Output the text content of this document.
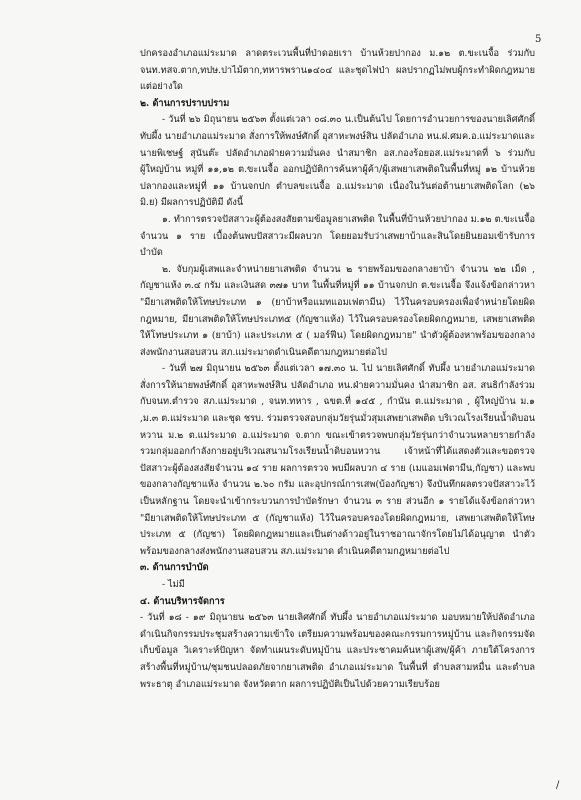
5

ปกครองอำเภอแม่ระมาด ลาดตระเวนพื้นที่ป่าดอยเรา บ้านห้วยปากอง ม.๑๒ ต.ขะเนจื้อ ร่วมกับจนท.ทสจ.ตาก,ทปษ.ปาไม้ตาก,ทหารพราน๑๔๐๔ และชุดไฟป่า ผลปรากฏไม่พบผู้กระทำผิดกฎหมายแต่อย่างใด

๒. ด้านการปราบปราม

- วันที่ ๒๖ มิถุนายน ๒๕๖๓ ตั้งแต่เวลา ๐๘.๓๐ น.เป็นต้นไป โดยการอำนวยการของนายเลิศศักดิ์ ทับผึ้ง นายอำเภอแม่ระมาด สั่งการให้พงษ์ศักดิ์ อุสาหะพงษ์สิน ปลัดอำเภอ หน.ฝ.ศมค.อ.แม่ระมาดและนายพิเชษฐ์ สุนันต๊ะ ปลัดอำเภอฝ่ายความมั่นคง นำสมาชิก อส.กองร้อยอส.แม่ระมาดที่ ๖ ร่วมกับผู้ใหญ่บ้าน หมู่ที่ ๑๑,๑๒ ต.ขะเนจื้อ ออกปฏิบัติการค้นหาผู้ค้า/ผู้เสพยาเสพติดในพื้นที่หมู่ ๑๒ บ้านห้วยปลากองและหมู่ที่ ๑๑ บ้านจกปก ตำบลขะเนจื้อ อ.แม่ระมาด เนื่องในวันต่อต้านยาเสพติดโลก (๒๖ มิ.ย) มีผลการปฏิบัติมี ดังนี้

๑. ทำการตรวจปัสสาวะผู้ต้องสงสัยตามข้อมูลยาเสพติด ในพื้นที่บ้านห้วยปากอง ม.๑๒ ต.ขะเนจื้อ จำนวน ๑ ราย เบื้องต้นพบปัสสาวะมีผลบวก โดยยอมรับว่าเสพยาบ้าและสินโดยยินยอมเข้ารับการบำบัด

๒. จับกุมผู้เสพและจำหน่ายยาเสพติด จำนวน ๒ รายพร้อมของกลางยาบ้า จำนวน ๒๒ เม็ด , กัญชาแห้ง ๓.๔ กรัม และเงินสด ๓๗๑ บาท ในพื้นที่หมู่ที่ ๑๑ บ้านจกปก ต.ขะเนจื้อ จึงแจ้งข้อกล่าวหา "มียาเสพติดให้โทษประเภท ๑ (ยาบ้าหรือแมทแอมเฟตามีน) ไว้ในครอบครองเพื่อจำหน่ายโดยผิดกฎหมาย, มียาเสพติดให้โทษประเภท๕ (กัญชาแห้ง) ไว้ในครอบครองโดยผิดกฎหมาย, เสพยาเสพติดให้โทษประเภท ๑ (ยาบ้า) และประเภท ๕ ( มอร์ฟีน) โดยผิดกฎหมาย" นำตัวผู้ต้องหาพร้อมของกลางส่งพนักงานสอบสวน สภ.แม่ระมาดดำเนินคดีตามกฎหมายต่อไป

- วันที่ ๒๗ มิถุนายน ๒๕๖๓ ตั้งแต่เวลา ๑๗.๓๐ น. ไป นายเลิศศักดิ์ ทับผึ้ง นายอำเภอแม่ระมาดสั่งการให้นายพงษ์ศักดิ์ อุสาหะพงษ์สิน ปลัดอำเภอ หน.ฝ่ายความมั่นคง นำสมาชิก อส. สนธิกำลังร่วมกับจนท.ตำรวจ สภ.แม่ระมาด , จนท.ทหาร , ฉขต.ที่ ๑๔๕ , กำนัน ต.แม่ระมาด , ผู้ใหญ่บ้าน ม.๑ ,ม.๓ ต.แม่ระมาด และชุด ชรบ. ร่วมตรวจสอบกลุ่มวัยรุ่นมั่วสุมเสพยาเสพติด บริเวณโรงเรียนน้ำดิบอนหวาน ม.๒ ต.แม่ระมาด อ.แม่ระมาด จ.ตาก ขณะเข้าตรวจพบกลุ่มวัยรุ่นกว่าจำนวนหลายรายกำลังรวมกลุ่มออกกำลังกายอยู่บริเวณสนามโรงเรียนน้ำดิบอนหวาน เจ้าหน้าที่ได้แสดงตัวและขอตรวจปัสสาวะผู้ต้องสงสัยจำนวน ๑๔ ราย ผลการตรวจ พบมีผลบวก ๔ ราย (เมแอมเฟตามีน,กัญชา) และพบของกลางกัญชาแห้ง จำนวน ๒.๖๐ กรัม และอุปกรณ์การเสพ(บ้องกัญชา) จึงบันทึกผลตรวจปัสสาวะไว้เป็นหลักฐาน โดยจะนำเข้ากระบวนการบำบัดรักษา จำนวน ๓ ราย ส่วนอีก ๑ รายได้แจ้งข้อกล่าวหา "มียาเสพติดให้โทษประเภท ๕ (กัญชาแห้ง) ไว้ในครอบครองโดยผิดกฎหมาย, เสพยาเสพติดให้โทษประเภท ๕ (กัญชา) โดยผิดกฎหมายและเป็นต่างด้าวอยู่ในราชอาณาจักรโดยไม่ได้อนุญาต นำตัวพร้อมของกลางส่งพนักงานสอบสวน สภ.แม่ระมาด ดำเนินคดีตามกฎหมายต่อไป

๓. ด้านการบำบัด

- ไม่มี

๔. ด้านบริหารจัดการ

- วันที่ ๑๘ - ๑๙ มิถุนายน ๒๕๖๓ นายเลิศศักดิ์ ทับผึ้ง นายอำเภอแม่ระมาด มอบหมายให้ปลัดอำเภอ ดำเนินกิจกรรมประชุมสร้างความเข้าใจ เตรียมความพร้อมของคณะกรรมการหมู่บ้าน และกิจกรรมจัดเก็บข้อมูล วิเคราะห์ปัญหา จัดทำแผนระดับหมู่บ้าน และประชาคมค้นหาผู้เสพ/ผู้ค้า ภายใต้โครงการสร้างพื้นที่หมู่บ้าน/ชุมชนปลอดภัยจากยาเสพติด อำเภอแม่ระมาด ในพื้นที่ ตำบลสามหมื่น และตำบลพระธาตุ อำเภอแม่ระมาด จังหวัดตาก ผลการปฏิบัติเป็นไปด้วยความเรียบร้อย

/
